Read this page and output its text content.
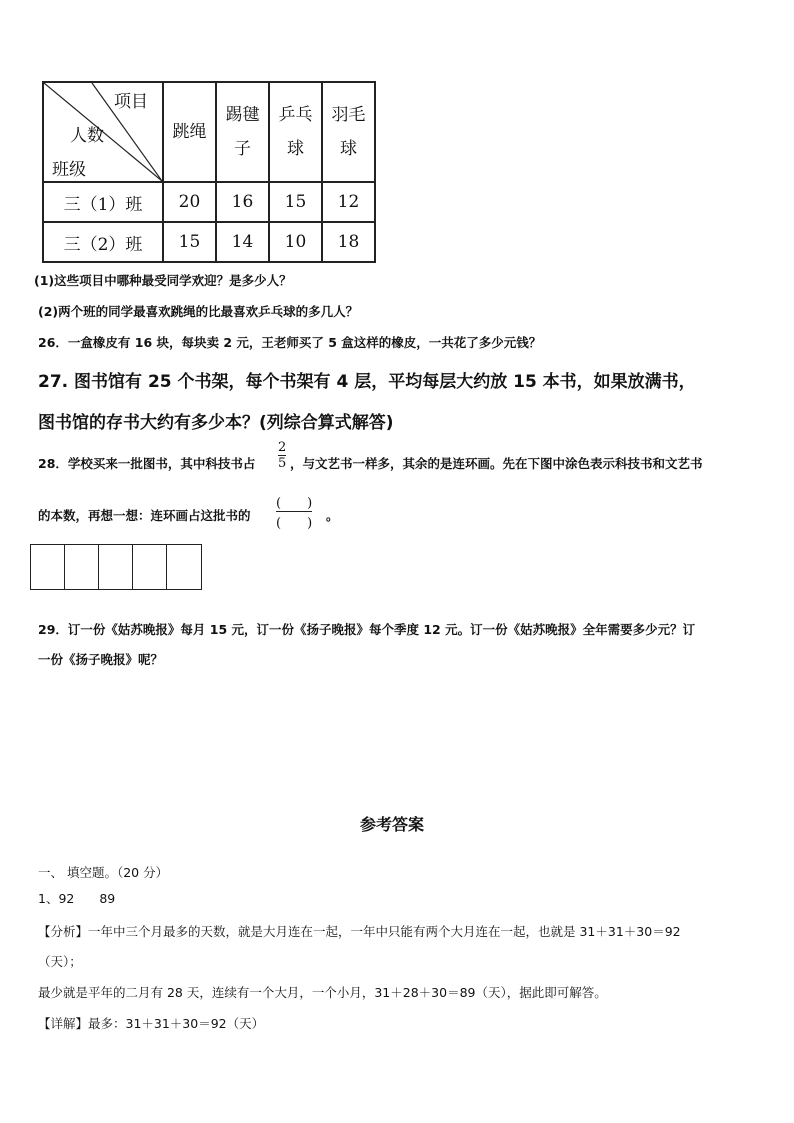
项目
人数
班级	跳绳	踢毽子	乒乓球	羽毛球

三（1）班	20	16	15	12
三（2）班	15	14	10	18
(1)这些项目中哪种最受同学欢迎？是多少人？
(2)两个班的同学最喜欢跳绳的比最喜欢乒乓球的多几人？
26．一盒橡皮有 16 块，每块卖 2 元，王老师买了 5 盒这样的橡皮，一共花了多少元钱？
27. 图书馆有 25 个书架，每个书架有 4 层，平均每层大约放 15 本书，如果放满书，
图书馆的存书大约有多少本？(列综合算式解答)
28．学校买来一批图书，其中科技书占
2
5 ，与文艺书一样多，其余的是连环画。先在下图中涂色表示科技书和文艺书
的本数，再想一想：连环画占这批书的
(　　)
(　　)
。
29．订一份《姑苏晚报》每月 15 元，订一份《扬子晚报》每个季度 12 元。订一份《姑苏晚报》全年需要多少元？订
一份《扬子晚报》呢？
参考答案
一、 填空题。（20 分）
1、92　　89
【分析】一年中三个月最多的天数，就是大月连在一起，一年中只能有两个大月连在一起，也就是 31＋31＋30＝92
（天）；
最少就是平年的二月有 28 天，连续有一个大月，一个小月，31＋28＋30＝89（天），据此即可解答。
【详解】最多：31＋31＋30＝92（天）
